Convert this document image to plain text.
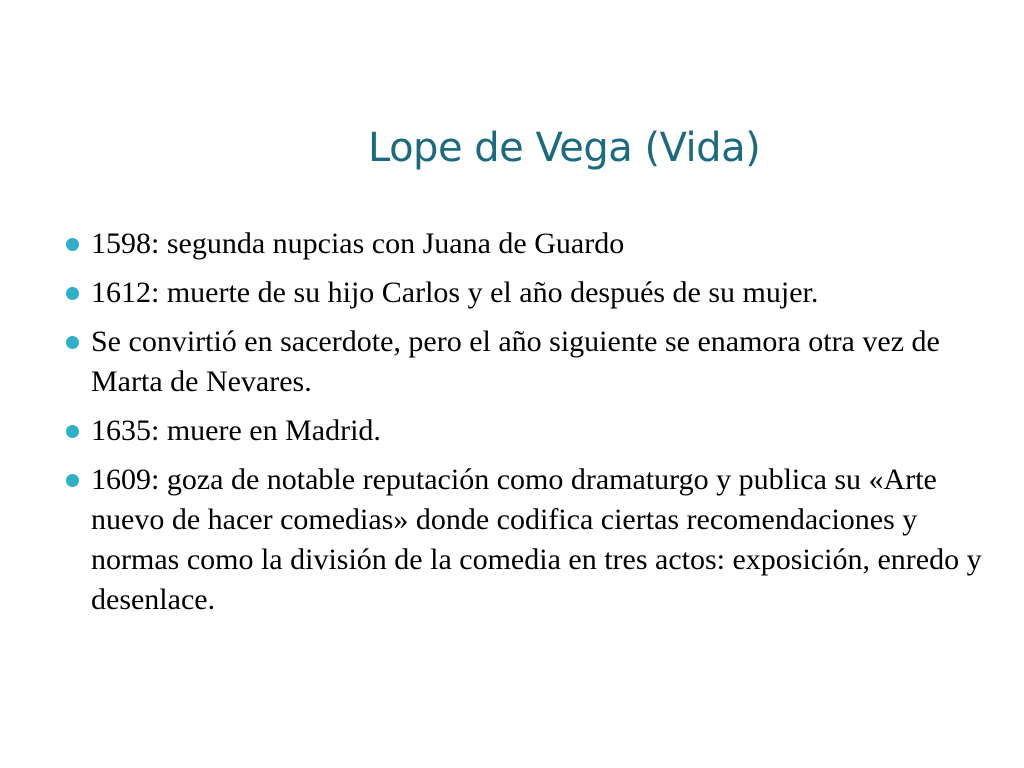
Lope de Vega (Vida)
1598: segunda nupcias con Juana de Guardo
1612: muerte de su hijo Carlos y el año después de su mujer.
Se convirtió en sacerdote, pero el año siguiente se enamora otra vez de Marta de Nevares.
1635: muere en Madrid.
1609: goza de notable reputación como dramaturgo y publica su «Arte nuevo de hacer comedias» donde codifica ciertas recomendaciones y normas como la división de la comedia en tres actos: exposición, enredo y desenlace.
